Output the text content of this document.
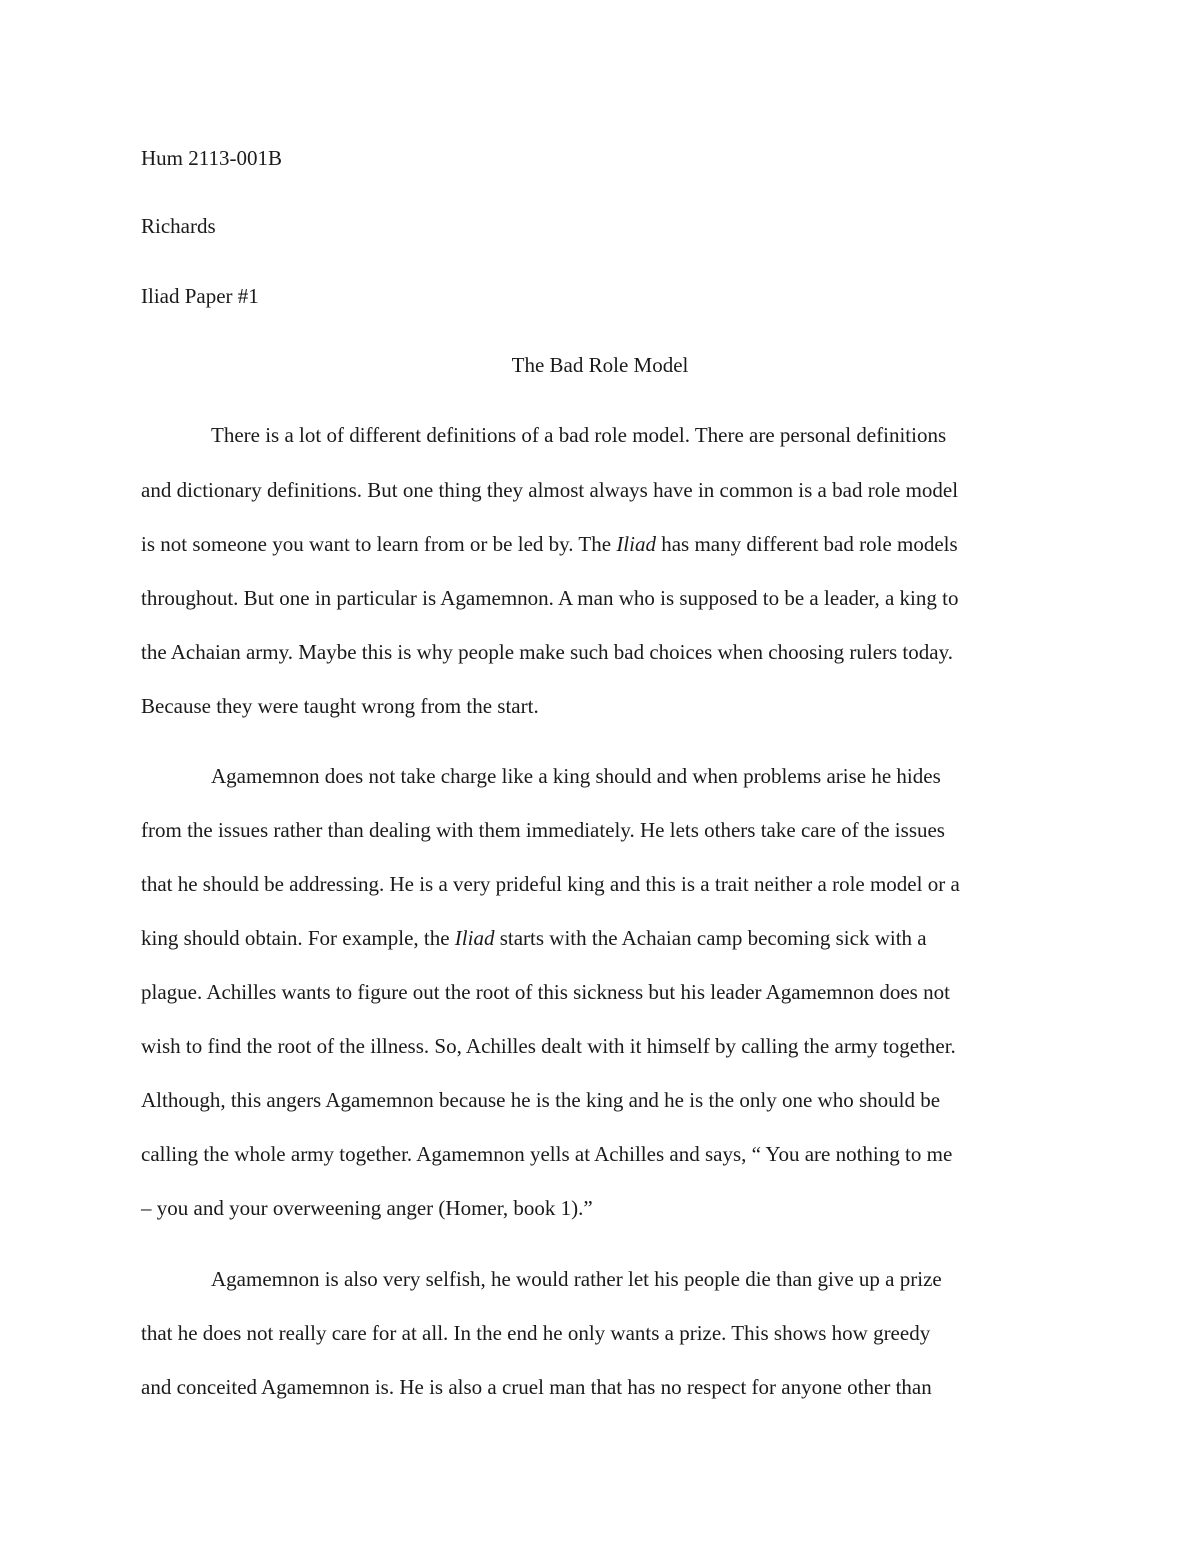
Hum 2113-001B
Richards
Iliad Paper #1
The Bad Role Model
There is a lot of different definitions of a bad role model. There are personal definitions
and dictionary definitions. But one thing they almost always have in common is a bad role model
is not someone you want to learn from or be led by. The Iliad has many different bad role models
throughout. But one in particular is Agamemnon. A man who is supposed to be a leader, a king to
the Achaian army. Maybe this is why people make such bad choices when choosing rulers today.
Because they were taught wrong from the start.
Agamemnon does not take charge like a king should and when problems arise he hides
from the issues rather than dealing with them immediately. He lets others take care of the issues
that he should be addressing. He is a very prideful king and this is a trait neither a role model or a
king should obtain. For example, the Iliad starts with the Achaian camp becoming sick with a
plague. Achilles wants to figure out the root of this sickness but his leader Agamemnon does not
wish to find the root of the illness. So, Achilles dealt with it himself by calling the army together.
Although, this angers Agamemnon because he is the king and he is the only one who should be
calling the whole army together. Agamemnon yells at Achilles and says, “ You are nothing to me
– you and your overweening anger (Homer, book 1).”
Agamemnon is also very selfish, he would rather let his people die than give up a prize
that he does not really care for at all. In the end he only wants a prize. This shows how greedy
and conceited Agamemnon is. He is also a cruel man that has no respect for anyone other than
